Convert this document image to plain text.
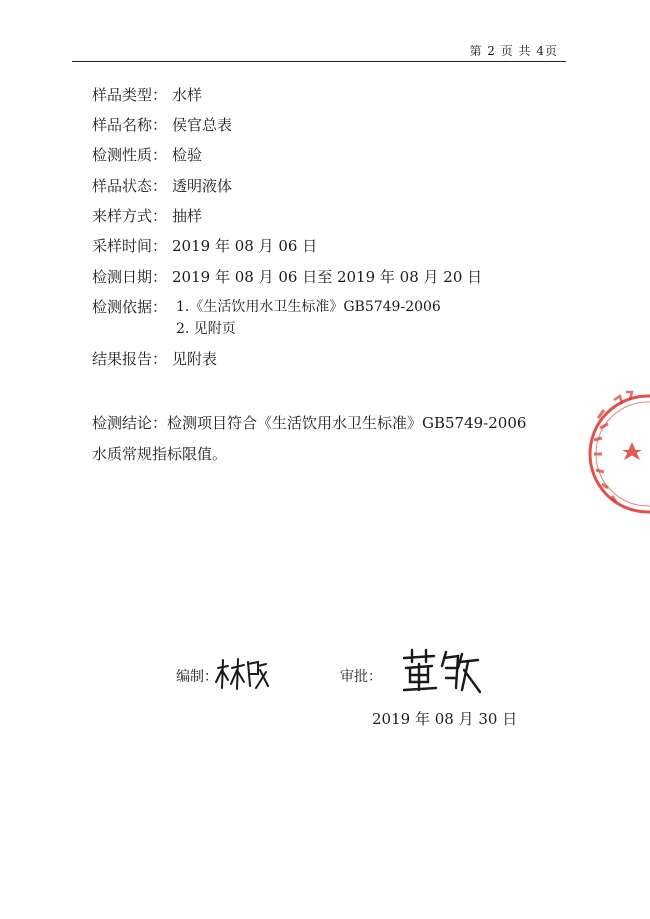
第 2 页 共 4页
样品类型： 水样
样品名称： 侯官总表
检测性质： 检验
样品状态： 透明液体
来样方式： 抽样
采样时间： 2019 年 08 月 06 日
检测日期： 2019 年 08 月 06 日至 2019 年 08 月 20 日
检测依据： 1.《生活饮用水卫生标准》GB5749-2006
2. 见附页
结果报告： 见附表
检测结论：检测项目符合《生活饮用水卫生标准》GB5749-2006
水质常规指标限值。
编制：	审批：
2019 年 08 月 30 日
